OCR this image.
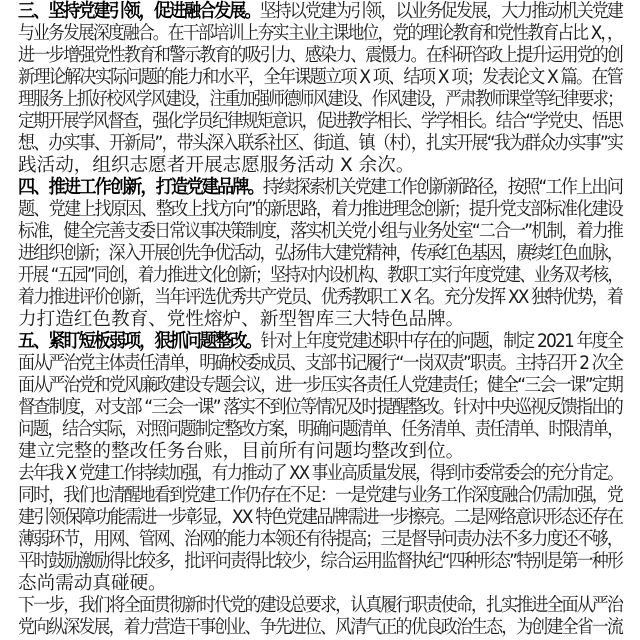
三、坚持党建引领，促进融合发展。坚持以党建为引领，以业务促发展，大力推动机关党建
与业务发展深度融合。在干部培训上夯实主业主课地位，党的理论教育和党性教育占比 X，，
进一步增强党性教育和警示教育的吸引力、感染力、震慑力。在科研咨政上提升运用党的创
新理论解决实际问题的能力和水平，全年课题立项 X 项、结项 X 项；发表论文 X 篇。在管
理服务上抓好校风学风建设，注重加强师德师风建设、作风建设，严肃教师课堂等纪律要求；
定期开展学风督查，强化学员纪律规矩意识，促进教学相长、学学相长。结合“学党史、悟思
想、办实事、开新局”，带头深入联系社区、街道、镇（村），扎实开展“我为群众办实事”实
践活动，组织志愿者开展志愿服务活动 X 余次。
四、推进工作创新，打造党建品牌。持续探索机关党建工作创新新路径，按照“工作上出问
题、党建上找原因、整改上找方向”的新思路，着力推进理念创新；提升党支部标准化建设
标准，健全完善支委日常议事决策制度，落实机关党小组与业务处室“二合一”机制，着力推
进组织创新；深入开展创先争优活动，弘扬伟大建党精神，传承红色基因，赓续红色血脉，
开展 “五园”同创，着力推进文化创新；坚持对内设机构、教职工实行年度党建、业务双考核，
着力推进评价创新，当年评选优秀共产党员、优秀教职工 X 名。充分发挥 XX 独特优势，着
力打造红色教育、党性熔炉、新型智库三大特色品牌。
五、紧盯短板弱项，狠抓问题整改。针对上年度党建述职中存在的问题，制定 2021 年度全
面从严治党主体责任清单，明确校委成员、支部书记履行“一岗双责”职责。主持召开 2 次全
面从严治党和党风廉政建设专题会议，进一步压实各责任人党建责任；健全“三会一课”定期
督查制度，对支部 “三会一课” 落实不到位等情况及时提醒整改。针对中央巡视反馈指出的
问题，结合实际，对照问题制定整改方案，明确问题清单、任务清单、责任清单、时限清单，
建立完整的整改任务台账，目前所有问题均整改到位。
去年我 X 党建工作持续加强，有力推动了 XX 事业高质量发展，得到市委常委会的充分肯定。
同时，我们也清醒地看到党建工作仍存在不足：一是党建与业务工作深度融合仍需加强，党
建引领保障功能需进一步彰显，XX 特色党建品牌需进一步擦亮。二是网络意识形态还存在
薄弱环节，用网、管网、治网的能力本领还有待提高；三是督导问责办法不多力度还不够，
平时鼓励激励得比较多，批评问责得比较少，综合运用监督执纪“四种形态”特别是第一种形
态尚需动真碰硬。
下一步，我们将全面贯彻新时代党的建设总要求，认真履行职责使命，扎实推进全面从严治
党向纵深发展，着力营造干事创业、争先进位、风清气正的优良政治生态，为创建全省一流
